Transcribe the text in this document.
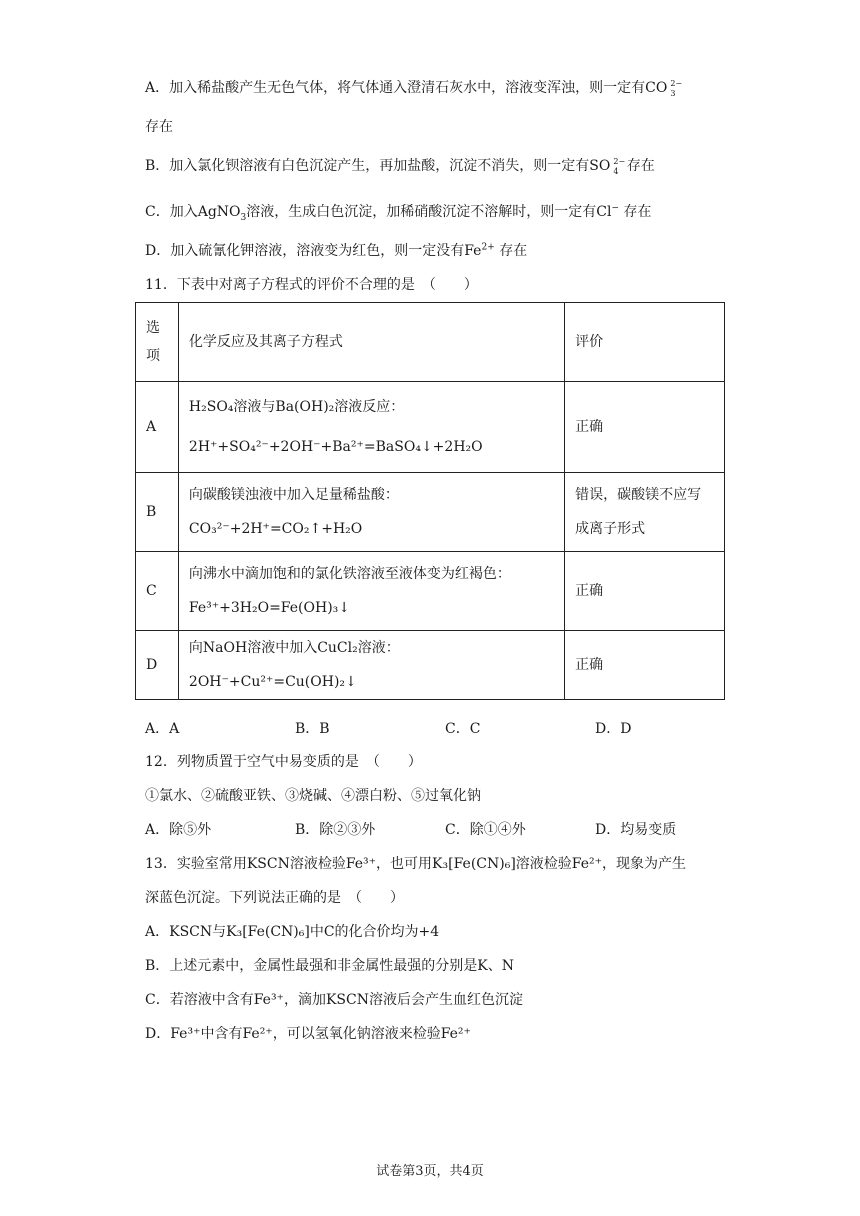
A．加入稀盐酸产生无色气体，将气体通入澄清石灰水中，溶液变浑浊，则一定有CO 2−
3
存在
B．加入氯化钡溶液有白色沉淀产生，再加盐酸，沉淀不消失，则一定有SO 2−
4 存在
C．加入AgNO$_3$溶液，生成白色沉淀，加稀硝酸沉淀不溶解时，则一定有Cl− 存在
D．加入硫氰化钾溶液，溶液变为红色，则一定没有$Fe^{2+}$ 存在
11．下表中对离子方程式的评价不合理的是　（　　）
选项	化学反应及其离子方程式	评价
A	H₂SO₄溶液与Ba(OH)₂溶液反应：
2H⁺+SO₄²⁻+2OH⁻+Ba²⁺=BaSO₄↓+2H₂O	正确
B	向碳酸镁浊液中加入足量稀盐酸：CO₃²⁻+2H⁺=CO₂↑+H₂O	错误，碳酸镁不应写
成离子形式

C	向沸水中滴加饱和的氯化铁溶液至液体变为红褐色：
Fe³⁺+3H₂O=Fe(OH)₃↓	正确
D	向NaOH溶液中加入CuCl₂溶液：2OH⁻+Cu²⁺=Cu(OH)₂↓	正确
A．A	B．B	C．C	D．D
12．列物质置于空气中易变质的是　（　　）
①氯水、②硫酸亚铁、③烧碱、④漂白粉、⑤过氧化钠
A．除⑤外	B．除②③外	C．除①④外	D．均易变质
13．实验室常用KSCN溶液检验Fe³⁺，也可用K₃[Fe(CN)₆]溶液检验Fe²⁺，现象为产生
深蓝色沉淀。下列说法正确的是　（　　）
A．KSCN与K₃[Fe(CN)₆]中C的化合价均为+4
B．上述元素中，金属性最强和非金属性最强的分别是K、N
C．若溶液中含有Fe³⁺，滴加KSCN溶液后会产生血红色沉淀
D．Fe³⁺中含有Fe²⁺，可以氢氧化钠溶液来检验Fe²⁺
试卷第3页，共4页
